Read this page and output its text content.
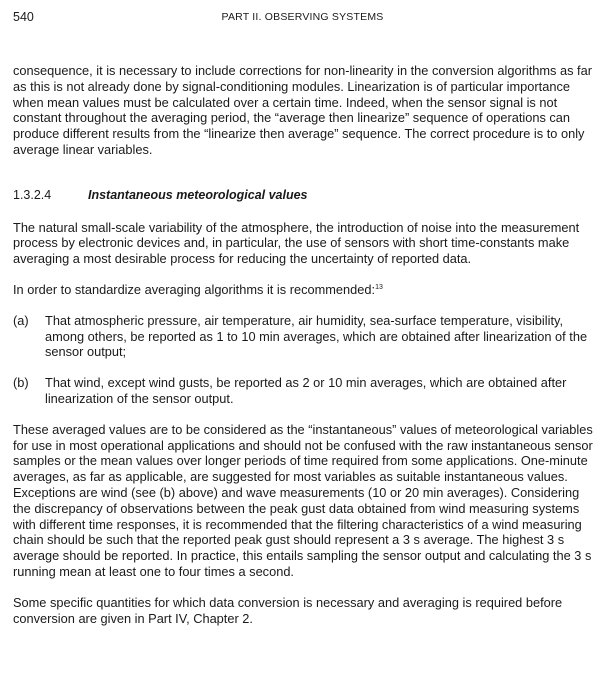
540	PART II. OBSERVING SYSTEMS

consequence, it is necessary to include corrections for non-linearity in the conversion algorithms as far as this is not already done by signal-conditioning modules. Linearization is of particular importance when mean values must be calculated over a certain time. Indeed, when the sensor signal is not constant throughout the averaging period, the “average then linearize” sequence of operations can produce different results from the “linearize then average” sequence. The correct procedure is to only average linear variables.

1.3.2.4	Instantaneous meteorological values

The natural small-scale variability of the atmosphere, the introduction of noise into the measurement process by electronic devices and, in particular, the use of sensors with short time-constants make averaging a most desirable process for reducing the uncertainty of reported data.

In order to standardize averaging algorithms it is recommended:$^{13}$

(a)	That atmospheric pressure, air temperature, air humidity, sea-surface temperature, visibility, among others, be reported as 1 to 10 min averages, which are obtained after linearization of the sensor output;
(b)	That wind, except wind gusts, be reported as 2 or 10 min averages, which are obtained after linearization of the sensor output.

These averaged values are to be considered as the “instantaneous” values of meteorological variables for use in most operational applications and should not be confused with the raw instantaneous sensor samples or the mean values over longer periods of time required from some applications. One-minute averages, as far as applicable, are suggested for most variables as suitable instantaneous values. Exceptions are wind (see (b) above) and wave measurements (10 or 20 min averages). Considering the discrepancy of observations between the peak gust data obtained from wind measuring systems with different time responses, it is recommended that the filtering characteristics of a wind measuring chain should be such that the reported peak gust should represent a 3 s average. The highest 3 s average should be reported. In practice, this entails sampling the sensor output and calculating the 3 s running mean at least one to four times a second.

Some specific quantities for which data conversion is necessary and averaging is required before conversion are given in Part IV, Chapter 2.
